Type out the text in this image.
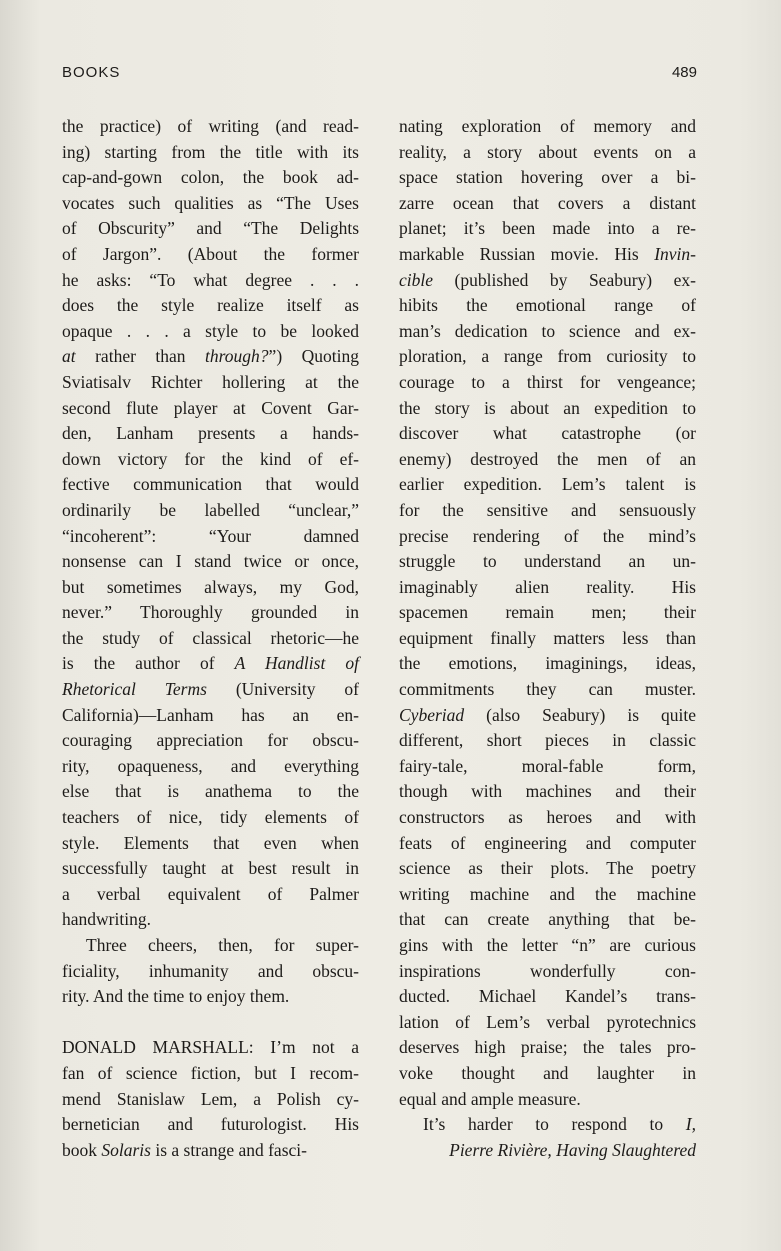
BOOKS	489
the practice) of writing (and read-
ing) starting from the title with its
cap-and-gown colon, the book ad-
vocates such qualities as “The Uses
of Obscurity” and “The Delights
of Jargon”. (About the former
he asks: “To what degree . . .
does the style realize itself as
opaque . . . a style to be looked
at rather than through?”) Quoting
Sviatisalv Richter hollering at the
second flute player at Covent Gar-
den, Lanham presents a hands-
down victory for the kind of ef-
fective communication that would
ordinarily be labelled “unclear,”
“incoherent”: “Your damned
nonsense can I stand twice or once,
but sometimes always, my God,
never.” Thoroughly grounded in
the study of classical rhetoric—he
is the author of A Handlist of
Rhetorical Terms (University of
California)—Lanham has an en-
couraging appreciation for obscu-
rity, opaqueness, and everything
else that is anathema to the
teachers of nice, tidy elements of
style. Elements that even when
successfully taught at best result in
a verbal equivalent of Palmer
handwriting.
Three cheers, then, for super-
ficiality, inhumanity and obscu-
rity. And the time to enjoy them.
DONALD MARSHALL: I’m not a
fan of science fiction, but I recom-
mend Stanislaw Lem, a Polish cy-
bernetician and futurologist. His
book Solaris is a strange and fasci-
nating exploration of memory and
reality, a story about events on a
space station hovering over a bi-
zarre ocean that covers a distant
planet; it’s been made into a re-
markable Russian movie. His Invin-
cible (published by Seabury) ex-
hibits the emotional range of
man’s dedication to science and ex-
ploration, a range from curiosity to
courage to a thirst for vengeance;
the story is about an expedition to
discover what catastrophe (or
enemy) destroyed the men of an
earlier expedition. Lem’s talent is
for the sensitive and sensuously
precise rendering of the mind’s
struggle to understand an un-
imaginably alien reality. His
spacemen remain men; their
equipment finally matters less than
the emotions, imaginings, ideas,
commitments they can muster.
Cyberiad (also Seabury) is quite
different, short pieces in classic
fairy-tale, moral-fable form,
though with machines and their
constructors as heroes and with
feats of engineering and computer
science as their plots. The poetry
writing machine and the machine
that can create anything that be-
gins with the letter “n” are curious
inspirations wonderfully con-
ducted. Michael Kandel’s trans-
lation of Lem’s verbal pyrotechnics
deserves high praise; the tales pro-
voke thought and laughter in
equal and ample measure.
It’s harder to respond to I,
Pierre Rivière, Having Slaughtered
